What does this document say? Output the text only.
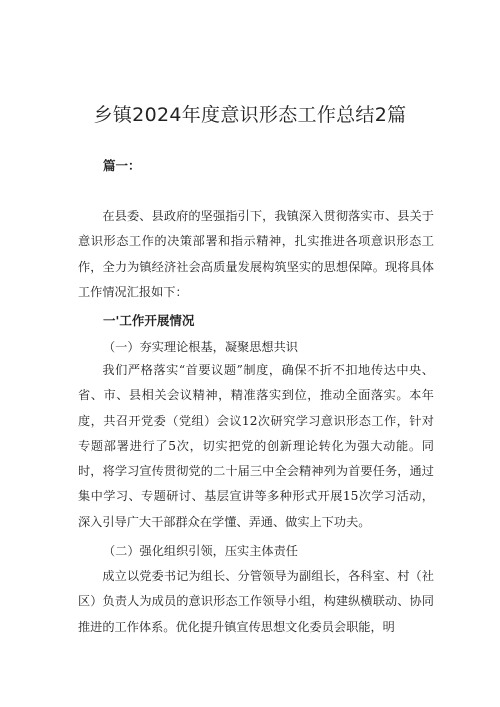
乡镇2024年度意识形态工作总结2篇

篇一：

在县委、县政府的坚强指引下，我镇深入贯彻落实市、县关于意识形态工作的决策部署和指示精神，扎实推进各项意识形态工作，全力为镇经济社会高质量发展构筑坚实的思想保障。现将具体工作情况汇报如下：

一'工作开展情况

（一）夯实理论根基，凝聚思想共识

我们严格落实“首要议题”制度，确保不折不扣地传达中央、省、市、县相关会议精神，精准落实到位，推动全面落实。本年度，共召开党委（党组）会议12次研究学习意识形态工作，针对专题部署进行了5次，切实把党的创新理论转化为强大动能。同时，将学习宣传贯彻党的二十届三中全会精神列为首要任务，通过集中学习、专题研讨、基层宣讲等多种形式开展15次学习活动，深入引导广大干部群众在学懂、弄通、做实上下功夫。

（二）强化组织引领，压实主体责任

成立以党委书记为组长、分管领导为副组长，各科室、村（社区）负责人为成员的意识形态工作领导小组，构建纵横联动、协同推进的工作体系。优化提升镇宣传思想文化委员会职能，明
